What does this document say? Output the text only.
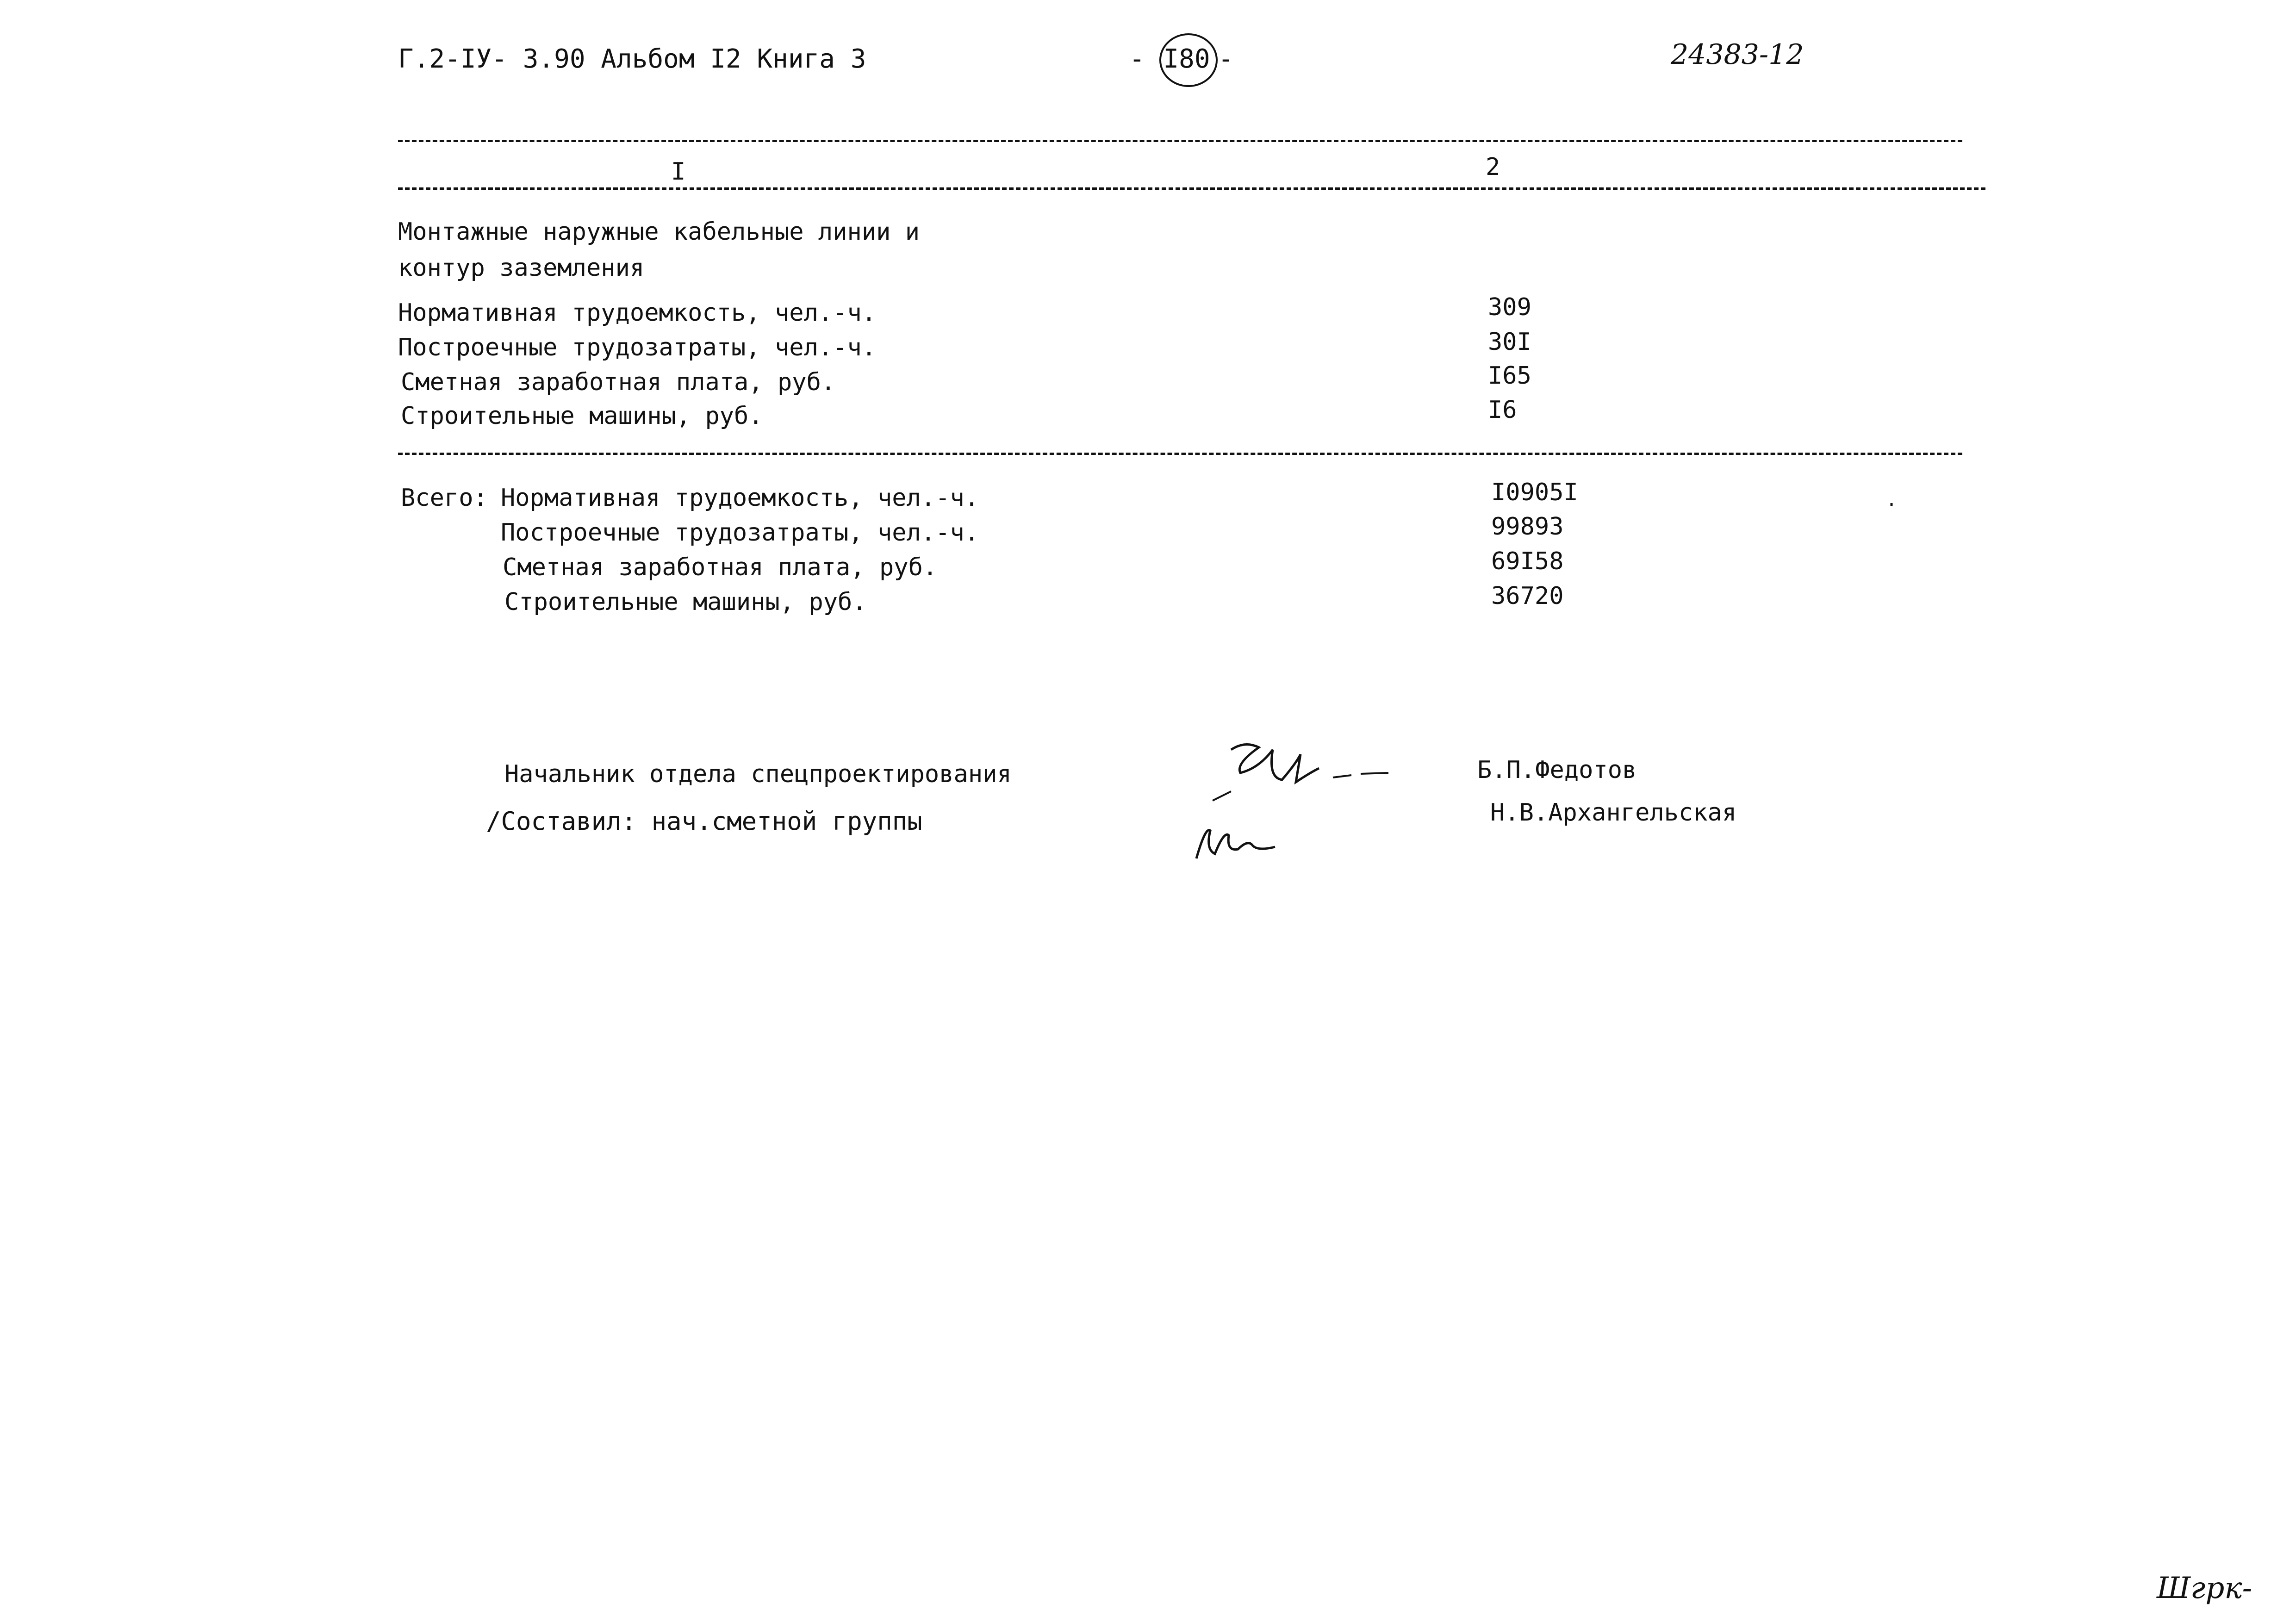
Г.2-IУ- 3.90 Альбом I2 Книга 3	- I80 -	24383-12
I	2
Монтажные наружные кабельные линии и
контур заземления
Нормативная трудоемкость, чел.-ч.	309
Построечные трудозатраты, чел.-ч.	30I
Сметная заработная плата, руб.	I65
Строительные машины, руб.	I6
Всего: Нормативная трудоемкость, чел.-ч.	I0905I
Построечные трудозатраты, чел.-ч.	99893
Сметная заработная плата, руб.	69I58
Строительные машины, руб.	36720
.
Начальник отдела спецпроектирования	Б.П.Федотов
/Составил: нач.сметной группы	Н.В.Архангельская
Шгрк-
